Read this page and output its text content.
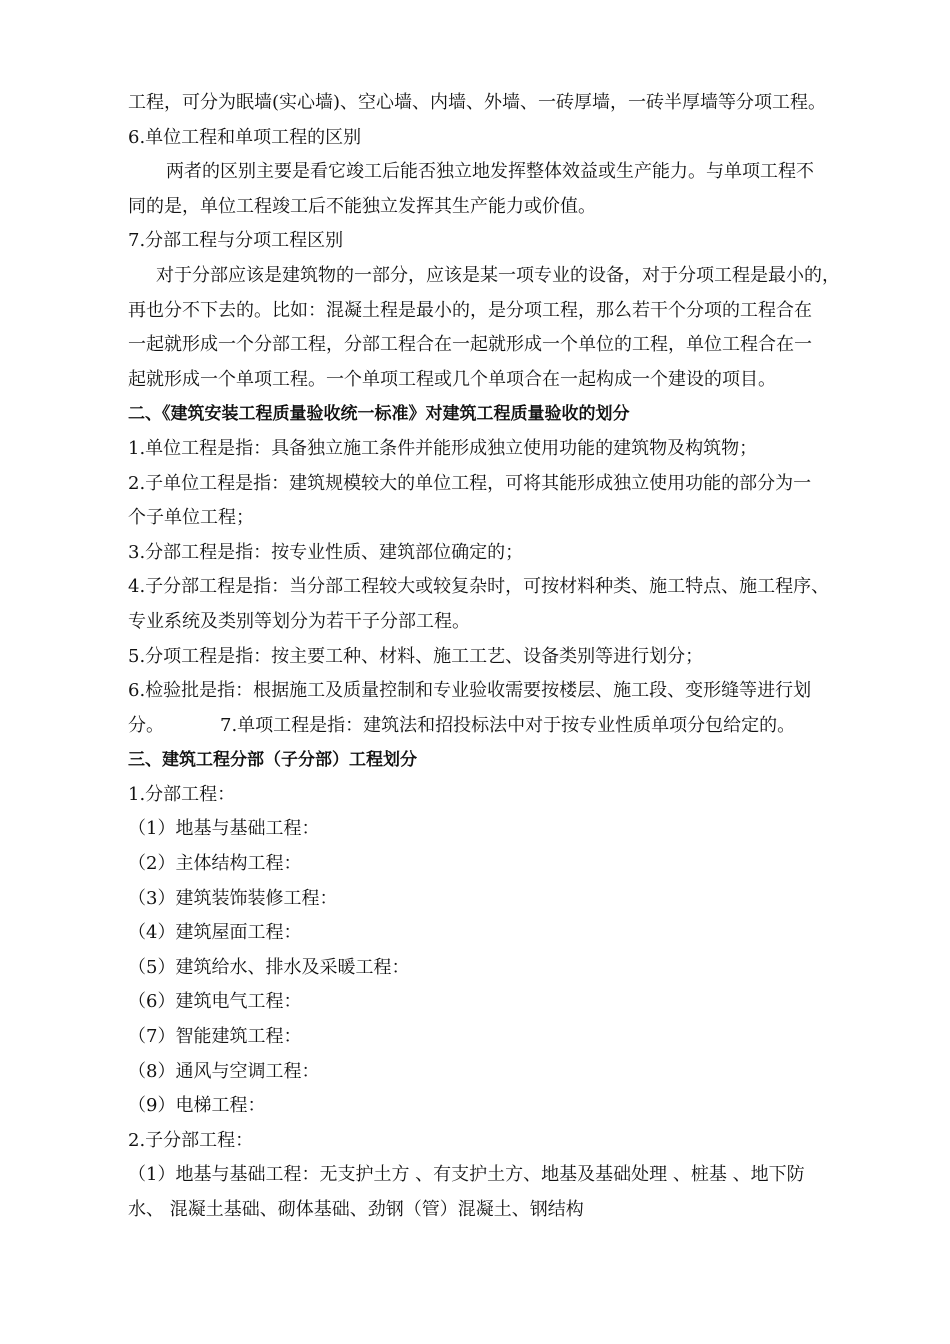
工程，可分为眠墙(实心墙)、空心墙、内墙、外墙、一砖厚墙，一砖半厚墙等分项工程。
6.单位工程和单项工程的区别
两者的区别主要是看它竣工后能否独立地发挥整体效益或生产能力。与单项工程不
同的是，单位工程竣工后不能独立发挥其生产能力或价值。
7.分部工程与分项工程区别
对于分部应该是建筑物的一部分，应该是某一项专业的设备，对于分项工程是最小的，
再也分不下去的。比如：混凝土程是最小的，是分项工程，那么若干个分项的工程合在
一起就形成一个分部工程，分部工程合在一起就形成一个单位的工程，单位工程合在一
起就形成一个单项工程。一个单项工程或几个单项合在一起构成一个建设的项目。
二、《建筑安装工程质量验收统一标准》对建筑工程质量验收的划分
1.单位工程是指：具备独立施工条件并能形成独立使用功能的建筑物及构筑物；
2.子单位工程是指：建筑规模较大的单位工程，可将其能形成独立使用功能的部分为一
个子单位工程；
3.分部工程是指：按专业性质、建筑部位确定的；
4.子分部工程是指：当分部工程较大或较复杂时，可按材料种类、施工特点、施工程序、
专业系统及类别等划分为若干子分部工程。
5.分项工程是指：按主要工种、材料、施工工艺、设备类别等进行划分；
6.检验批是指：根据施工及质量控制和专业验收需要按楼层、施工段、变形缝等进行划
分。	7.单项工程是指：建筑法和招投标法中对于按专业性质单项分包给定的。
三、建筑工程分部（子分部）工程划分
1.分部工程：
（1）地基与基础工程：
（2）主体结构工程：
（3）建筑装饰装修工程：
（4）建筑屋面工程：
（5）建筑给水、排水及采暖工程：
（6）建筑电气工程：
（7）智能建筑工程：
（8）通风与空调工程：
（9）电梯工程：
2.子分部工程：
（1）地基与基础工程：无支护土方 、有支护土方、地基及基础处理 、桩基 、地下防
水、 混凝土基础、砌体基础、劲钢（管）混凝土、钢结构
